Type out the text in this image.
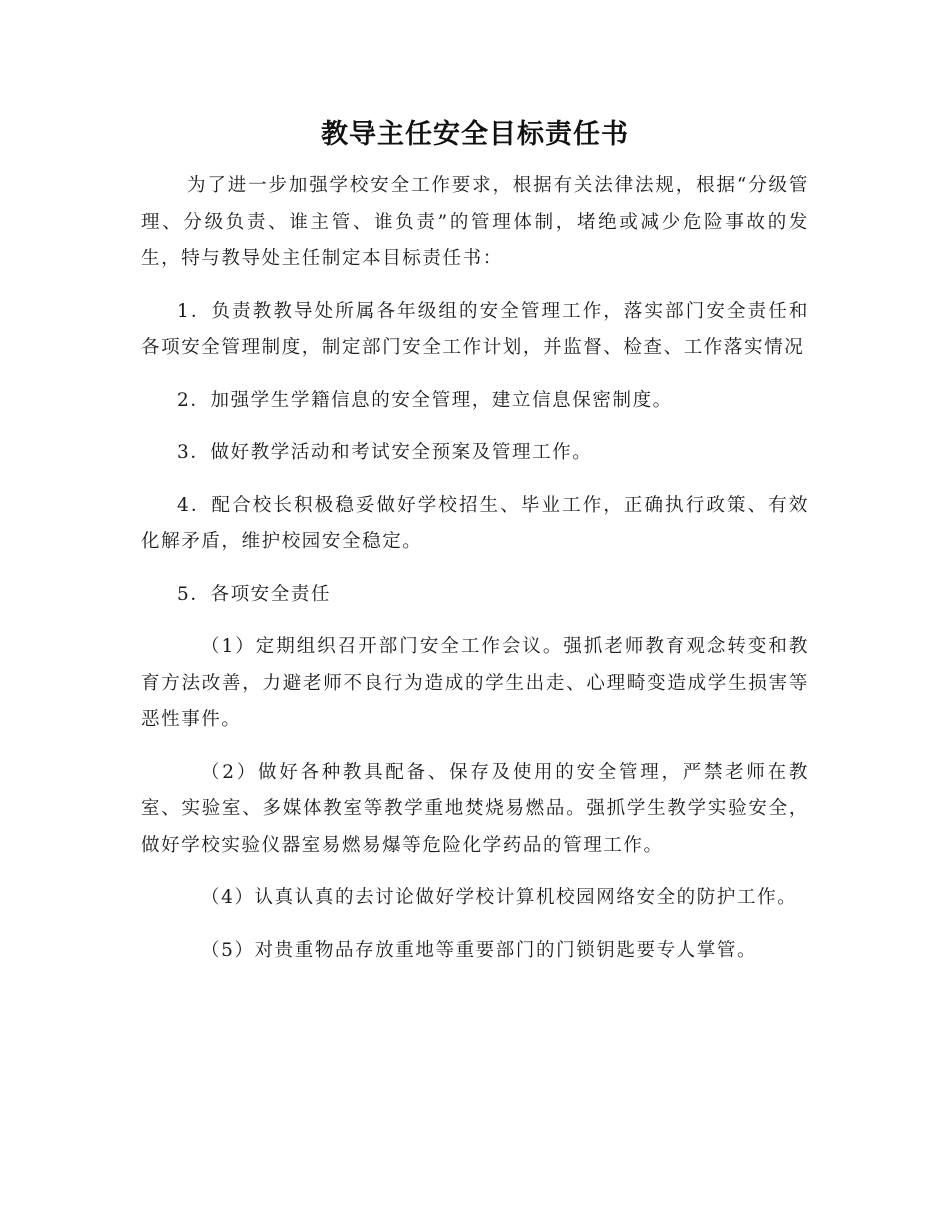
教导主任安全目标责任书

为了进一步加强学校安全工作要求，根据有关法律法规，根据“分级管理、分级负责、谁主管、谁负责”的管理体制，堵绝或减少危险事故的发生，特与教导处主任制定本目标责任书：

1．负责教教导处所属各年级组的安全管理工作，落实部门安全责任和各项安全管理制度，制定部门安全工作计划，并监督、检查、工作落实情况

2．加强学生学籍信息的安全管理，建立信息保密制度。

3．做好教学活动和考试安全预案及管理工作。

4．配合校长积极稳妥做好学校招生、毕业工作，正确执行政策、有效化解矛盾，维护校园安全稳定。

5．各项安全责任

（1）定期组织召开部门安全工作会议。强抓老师教育观念转变和教育方法改善，力避老师不良行为造成的学生出走、心理畸变造成学生损害等恶性事件。

（2）做好各种教具配备、保存及使用的安全管理，严禁老师在教室、实验室、多媒体教室等教学重地焚烧易燃品。强抓学生教学实验安全，做好学校实验仪器室易燃易爆等危险化学药品的管理工作。

（4）认真认真的去讨论做好学校计算机校园网络安全的防护工作。

（5）对贵重物品存放重地等重要部门的门锁钥匙要专人掌管。
